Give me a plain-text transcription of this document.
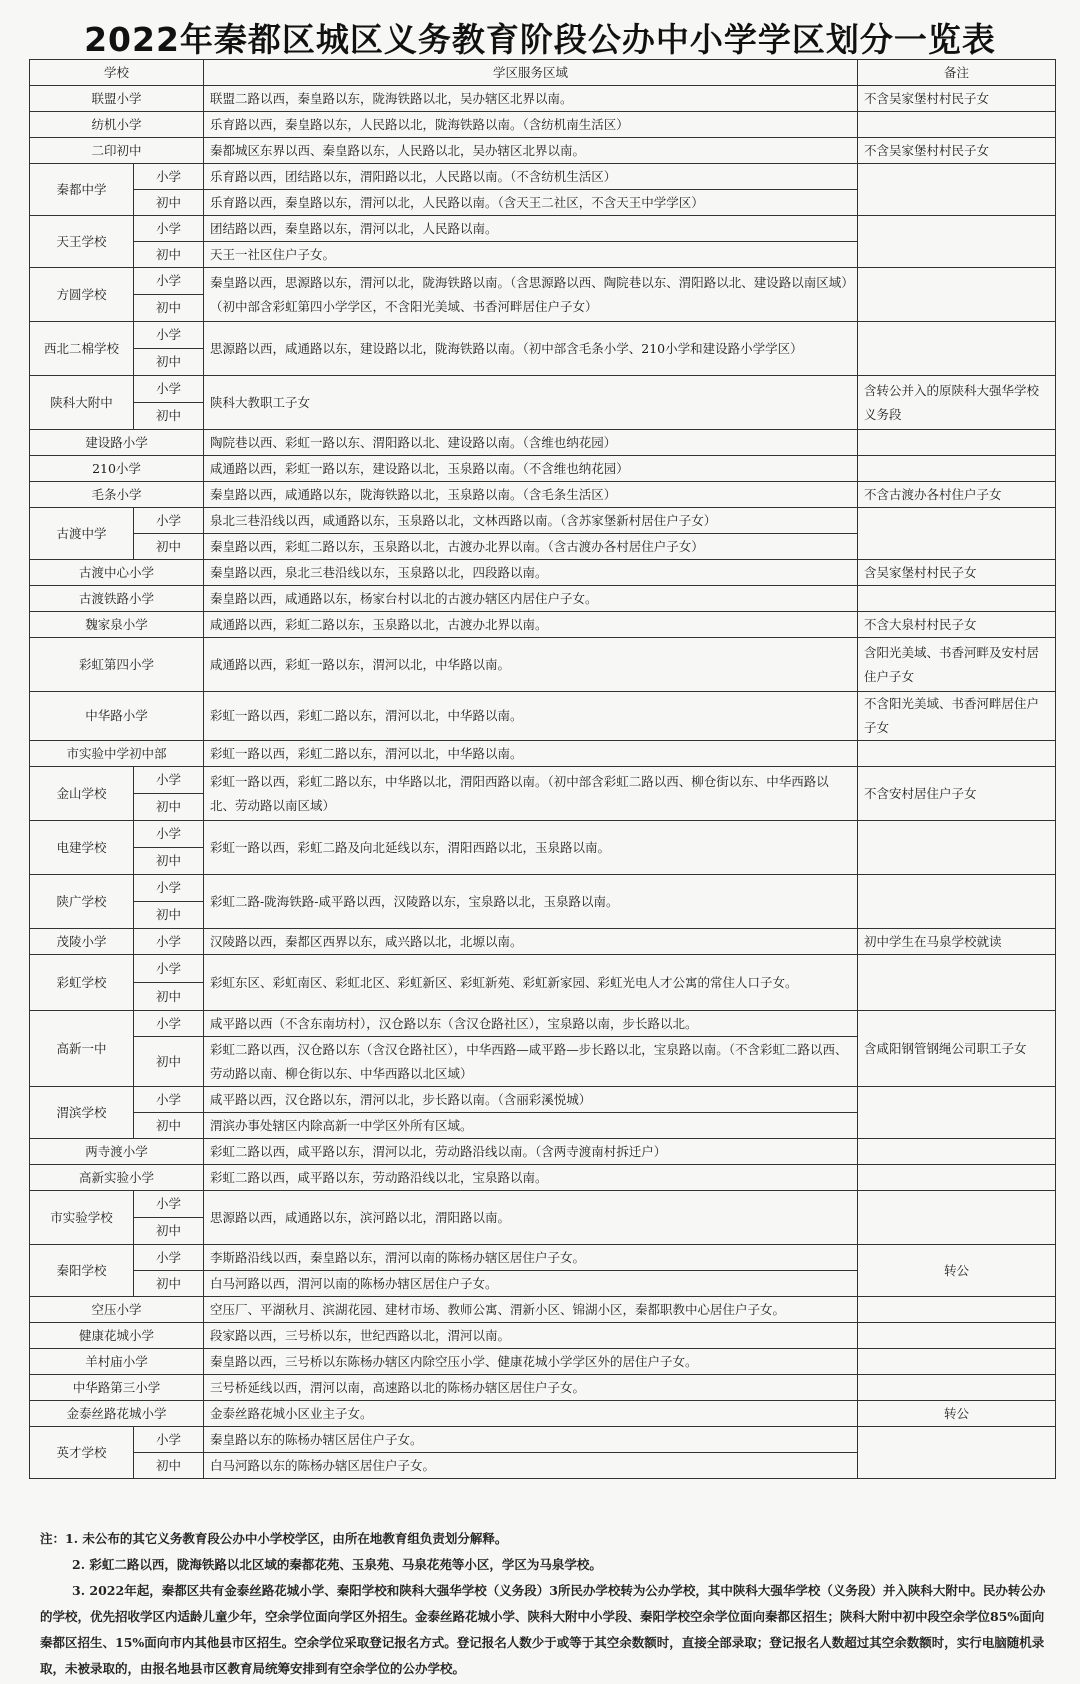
2022年秦都区城区义务教育阶段公办中小学学区划分一览表
学校		学区服务区域	备注
联盟小学		联盟二路以西，秦皇路以东，陇海铁路以北，吴办辖区北界以南。	不含吴家堡村村民子女
纺机小学		乐育路以西，秦皇路以东，人民路以北，陇海铁路以南。（含纺机南生活区）	
二印初中		秦都城区东界以西、秦皇路以东，人民路以北，吴办辖区北界以南。	不含吴家堡村村民子女
秦都中学	小学	乐育路以西，团结路以东，渭阳路以北，人民路以南。（不含纺机生活区）	
	初中	乐育路以西，秦皇路以东，渭河以北，人民路以南。（含天王二社区，不含天王中学学区）	
天王学校	小学	团结路以西，秦皇路以东，渭河以北，人民路以南。	
	初中	天王一社区住户子女。	
方圆学校	小学	秦皇路以西，思源路以东，渭河以北，陇海铁路以南。（含思源路以西、陶院巷以东、渭阳路以北、建设路以南区域）（初中部含彩虹第四小学学区，不含阳光美域、书香河畔居住户子女）	
	初中		
西北二棉学校	小学	思源路以西，咸通路以东，建设路以北，陇海铁路以南。（初中部含毛条小学、210小学和建设路小学学区）	
	初中		
陕科大附中	小学	陕科大教职工子女	含转公并入的原陕科大强华学校义务段
	初中		
建设路小学		陶院巷以西、彩虹一路以东、渭阳路以北、建设路以南。（含维也纳花园）	
210小学		咸通路以西，彩虹一路以东，建设路以北，玉泉路以南。（不含维也纳花园）	
毛条小学		秦皇路以西，咸通路以东，陇海铁路以北，玉泉路以南。（含毛条生活区）	不含古渡办各村住户子女
古渡中学	小学	泉北三巷沿线以西，咸通路以东，玉泉路以北，文林西路以南。（含苏家堡新村居住户子女）	
	初中	秦皇路以西，彩虹二路以东，玉泉路以北，古渡办北界以南。（含古渡办各村居住户子女）	
古渡中心小学		秦皇路以西，泉北三巷沿线以东，玉泉路以北，四段路以南。	含吴家堡村村民子女
古渡铁路小学		秦皇路以西，咸通路以东，杨家台村以北的古渡办辖区内居住户子女。	
魏家泉小学		咸通路以西，彩虹二路以东，玉泉路以北，古渡办北界以南。	不含大泉村村民子女
彩虹第四小学		咸通路以西，彩虹一路以东，渭河以北，中华路以南。	含阳光美域、书香河畔及安村居住户子女
中华路小学		彩虹一路以西，彩虹二路以东，渭河以北，中华路以南。	不含阳光美域、书香河畔居住户子女
市实验中学初中部		彩虹一路以西，彩虹二路以东，渭河以北，中华路以南。	
金山学校	小学	彩虹一路以西，彩虹二路以东，中华路以北，渭阳西路以南。（初中部含彩虹二路以西、柳仓街以东、中华西路以北、劳动路以南区域）	不含安村居住户子女
	初中		
电建学校	小学	彩虹一路以西，彩虹二路及向北延线以东，渭阳西路以北，玉泉路以南。	
	初中		
陕广学校	小学	彩虹二路-陇海铁路-咸平路以西，汉陵路以东，宝泉路以北，玉泉路以南。	
	初中		
茂陵小学	小学	汉陵路以西，秦都区西界以东，咸兴路以北，北塬以南。	初中学生在马泉学校就读
彩虹学校	小学	彩虹东区、彩虹南区、彩虹北区、彩虹新区、彩虹新苑、彩虹新家园、彩虹光电人才公寓的常住人口子女。	
	初中		
高新一中	小学	咸平路以西（不含东南坊村），汉仓路以东（含汉仓路社区），宝泉路以南，步长路以北。	含咸阳钢管钢绳公司职工子女
	初中	彩虹二路以西，汉仓路以东（含汉仓路社区），中华西路—咸平路—步长路以北，宝泉路以南。（不含彩虹二路以西、劳动路以南、柳仓街以东、中华西路以北区域）	
渭滨学校	小学	咸平路以西，汉仓路以东，渭河以北，步长路以南。（含丽彩溪悦城）	
	初中	渭滨办事处辖区内除高新一中学区外所有区域。	
两寺渡小学		彩虹二路以西，咸平路以东，渭河以北，劳动路沿线以南。（含两寺渡南村拆迁户）	
高新实验小学		彩虹二路以西，咸平路以东，劳动路沿线以北，宝泉路以南。	
市实验学校	小学	思源路以西，咸通路以东，滨河路以北，渭阳路以南。	
	初中		
秦阳学校	小学	李斯路沿线以西，秦皇路以东，渭河以南的陈杨办辖区居住户子女。	转公
	初中	白马河路以西，渭河以南的陈杨办辖区居住户子女。	
空压小学		空压厂、平湖秋月、滨湖花园、建材市场、教师公寓、渭新小区、锦湖小区，秦都职教中心居住户子女。	
健康花城小学		段家路以西，三号桥以东，世纪西路以北，渭河以南。	
羊村庙小学		秦皇路以西，三号桥以东陈杨办辖区内除空压小学、健康花城小学学区外的居住户子女。	
中华路第三小学		三号桥延线以西，渭河以南，高速路以北的陈杨办辖区居住户子女。	
金泰丝路花城小学		金泰丝路花城小区业主子女。	转公
英才学校	小学	秦皇路以东的陈杨办辖区居住户子女。	
	初中	白马河路以东的陈杨办辖区居住户子女。	

注：1. 未公布的其它义务教育段公办中小学校学区，由所在地教育组负责划分解释。

2. 彩虹二路以西，陇海铁路以北区域的秦都花苑、玉泉苑、马泉花苑等小区，学区为马泉学校。

3. 2022年起，秦都区共有金泰丝路花城小学、秦阳学校和陕科大强华学校（义务段）3所民办学校转为公办学校，其中陕科大强华学校（义务段）并入陕科大附中。民办转公办的学校，优先招收学区内适龄儿童少年，空余学位面向学区外招生。金泰丝路花城小学、陕科大附中小学段、秦阳学校空余学位面向秦都区招生；陕科大附中初中段空余学位85%面向秦都区招生、15%面向市内其他县市区招生。空余学位采取登记报名方式。登记报名人数少于或等于其空余数额时，直接全部录取；登记报名人数超过其空余数额时，实行电脑随机录取，未被录取的，由报名地县市区教育局统筹安排到有空余学位的公办学校。
